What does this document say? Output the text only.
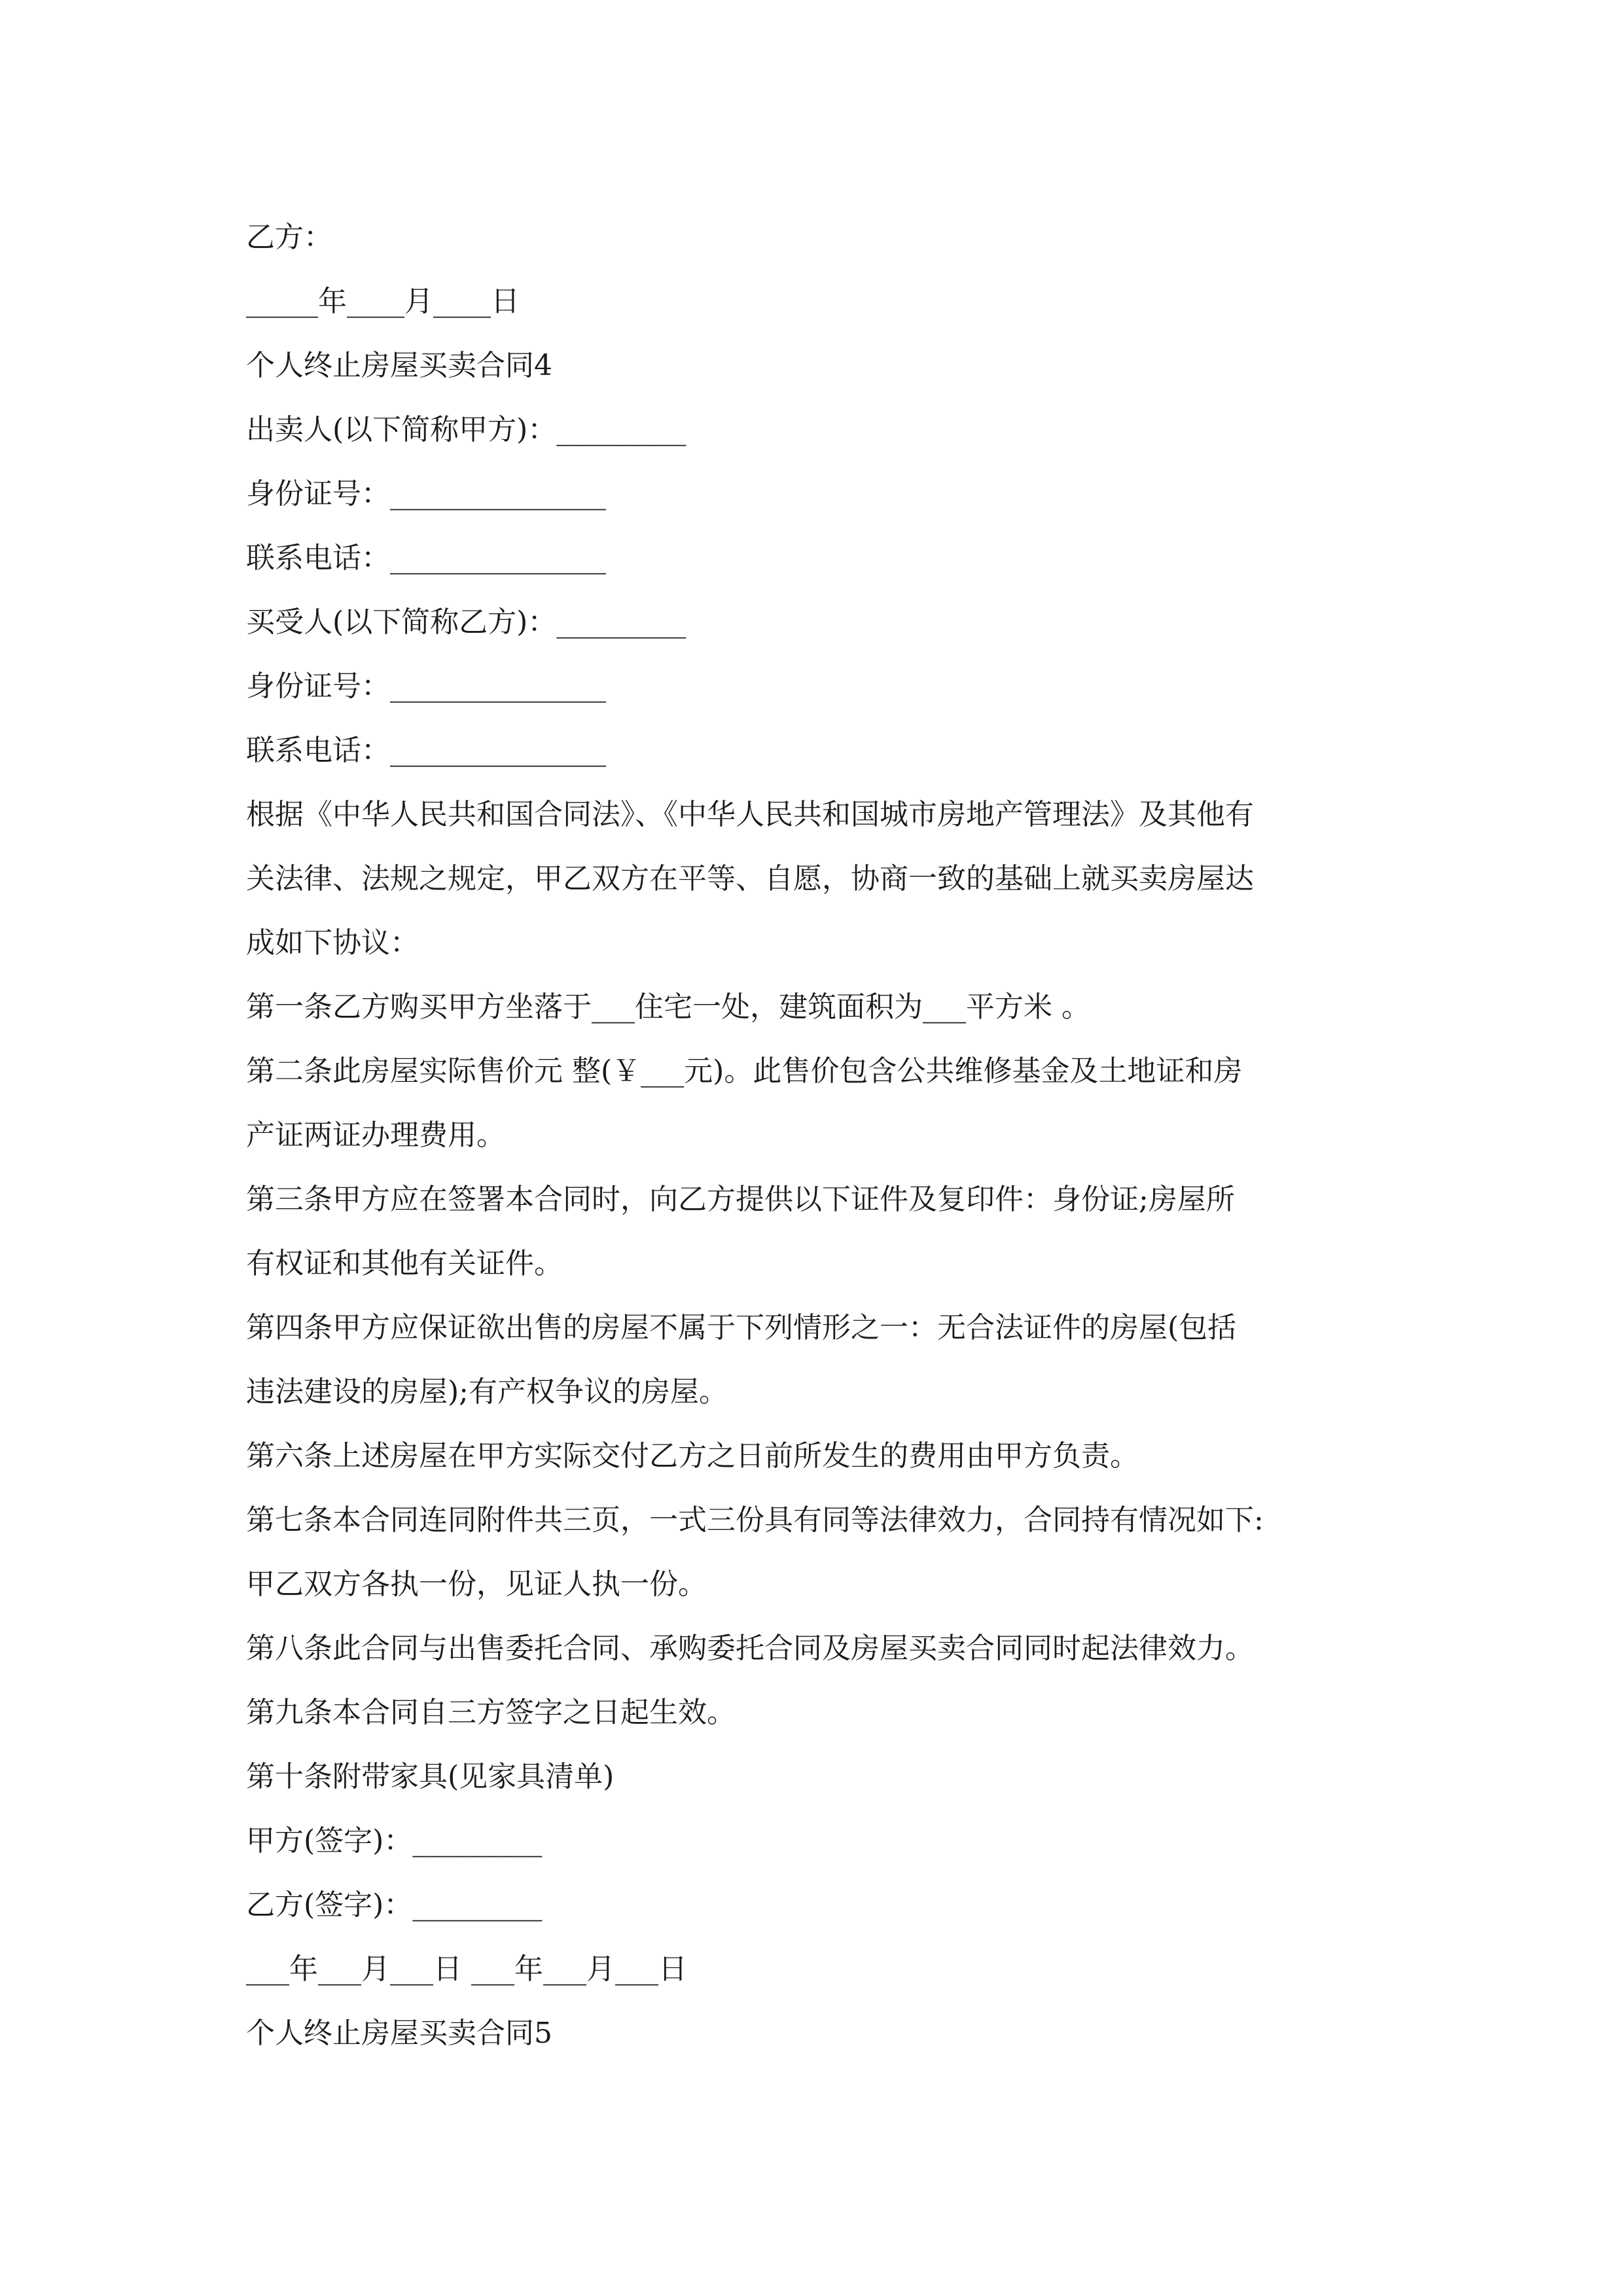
乙方：
_____年____月____日
个人终止房屋买卖合同4
出卖人(以下简称甲方)：_________
身份证号：_______________
联系电话：_______________
买受人(以下简称乙方)：_________
身份证号：_______________
联系电话：_______________
根据《中华人民共和国合同法》、《中华人民共和国城市房地产管理法》及其他有
关法律、法规之规定，甲乙双方在平等、自愿，协商一致的基础上就买卖房屋达
成如下协议：
第一条乙方购买甲方坐落于___住宅一处，建筑面积为___平方米 。
第二条此房屋实际售价元 整(￥___元)。此售价包含公共维修基金及土地证和房
产证两证办理费用。
第三条甲方应在签署本合同时，向乙方提供以下证件及复印件：身份证;房屋所
有权证和其他有关证件。
第四条甲方应保证欲出售的房屋不属于下列情形之一：无合法证件的房屋(包括
违法建设的房屋);有产权争议的房屋。
第六条上述房屋在甲方实际交付乙方之日前所发生的费用由甲方负责。
第七条本合同连同附件共三页，一式三份具有同等法律效力，合同持有情况如下:
甲乙双方各执一份，见证人执一份。
第八条此合同与出售委托合同、承购委托合同及房屋买卖合同同时起法律效力。
第九条本合同自三方签字之日起生效。
第十条附带家具(见家具清单)
甲方(签字)：_________
乙方(签字)：_________
___年___月___日 ___年___月___日
个人终止房屋买卖合同5
